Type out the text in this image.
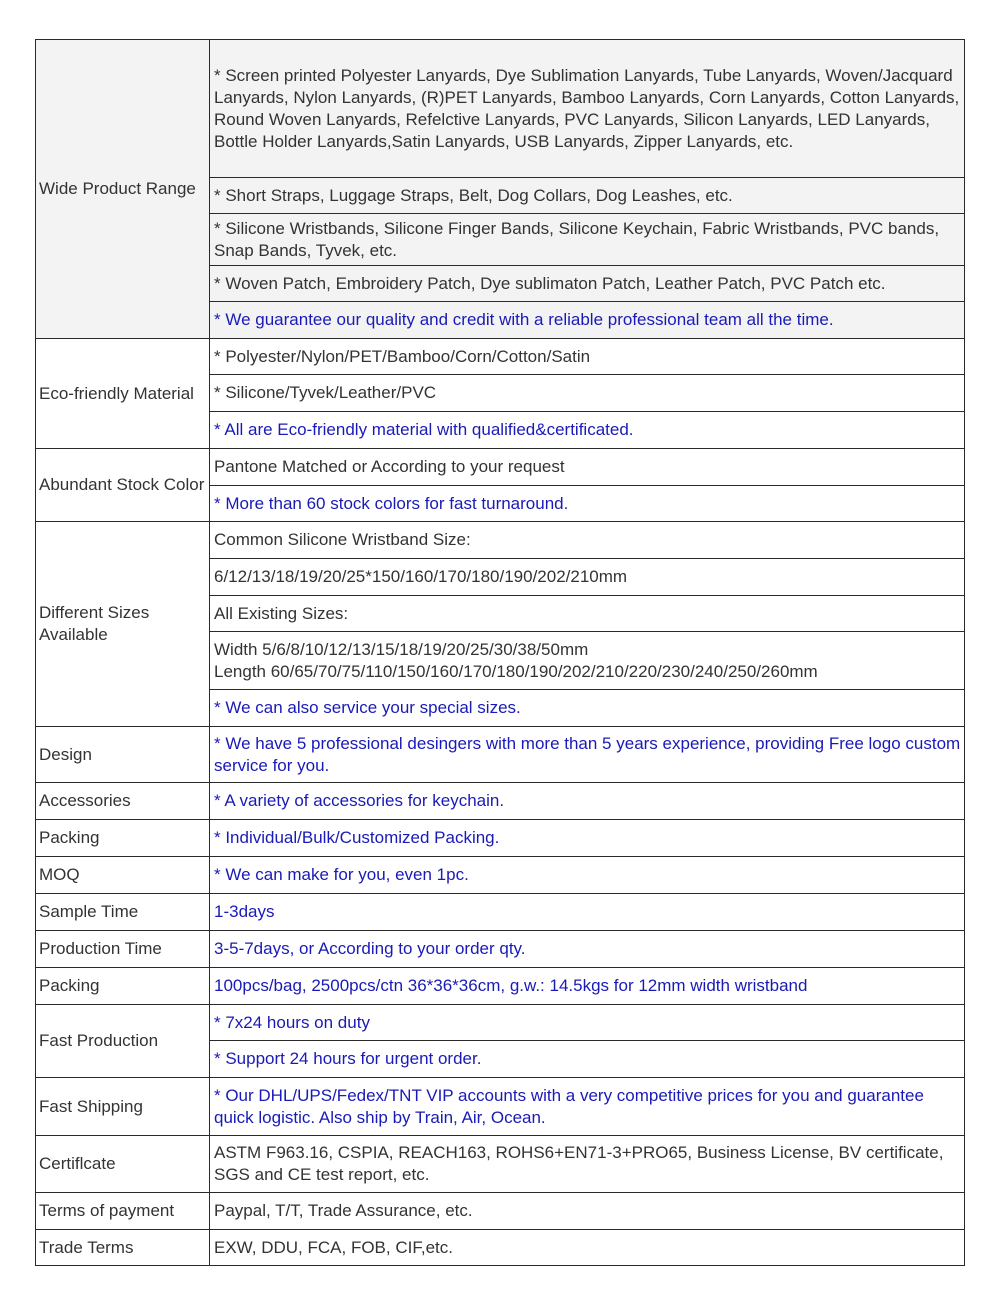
Wide Product Range	* Screen printed Polyester Lanyards, Dye Sublimation Lanyards, Tube Lanyards, Woven/Jacquard Lanyards, Nylon Lanyards, (R)PET Lanyards, Bamboo Lanyards, Corn Lanyards, Cotton Lanyards, Round Woven Lanyards, Refelctive Lanyards, PVC Lanyards, Silicon Lanyards, LED Lanyards, Bottle Holder Lanyards,Satin Lanyards, USB Lanyards, Zipper Lanyards, etc.
	* Short Straps, Luggage Straps, Belt, Dog Collars, Dog Leashes, etc.
	* Silicone Wristbands, Silicone Finger Bands, Silicone Keychain, Fabric Wristbands, PVC bands, Snap Bands, Tyvek, etc.
	* Woven Patch, Embroidery Patch, Dye sublimaton Patch, Leather Patch, PVC Patch etc.
	* We guarantee our quality and credit with a reliable professional team all the time.
Eco-friendly Material	* Polyester/Nylon/PET/Bamboo/Corn/Cotton/Satin
	* Silicone/Tyvek/Leather/PVC
	* All are Eco-friendly material with qualified&certificated.
Abundant Stock Color	Pantone Matched or According to your request
	* More than 60 stock colors for fast turnaround.
Different Sizes Available	Common Silicone Wristband Size:
	6/12/13/18/19/20/25*150/160/170/180/190/202/210mm
	All Existing Sizes:
	Width 5/6/8/10/12/13/15/18/19/20/25/30/38/50mm
Length 60/65/70/75/110/150/160/170/180/190/202/210/220/230/240/250/260mm
	* We can also service your special sizes.
Design	* We have 5 professional desingers with more than 5 years experience, providing Free logo custom service for you.
Accessories	* A variety of accessories for keychain.
Packing	* Individual/Bulk/Customized Packing.
MOQ	* We can make for you, even 1pc.
Sample Time	1-3days
Production Time	3-5-7days, or According to your order qty.
Packing	100pcs/bag, 2500pcs/ctn 36*36*36cm, g.w.: 14.5kgs for 12mm width wristband
Fast Production	* 7x24 hours on duty
	* Support 24 hours for urgent order.
Fast Shipping	* Our DHL/UPS/Fedex/TNT VIP accounts with a very competitive prices for you and guarantee quick logistic. Also ship by Train, Air, Ocean.
Certiflcate	ASTM F963.16, CSPIA, REACH163, ROHS6+EN71-3+PRO65, Business License, BV certificate, SGS and CE test report, etc.
Terms of payment	Paypal, T/T, Trade Assurance, etc.
Trade Terms	EXW, DDU, FCA, FOB, CIF,etc.
